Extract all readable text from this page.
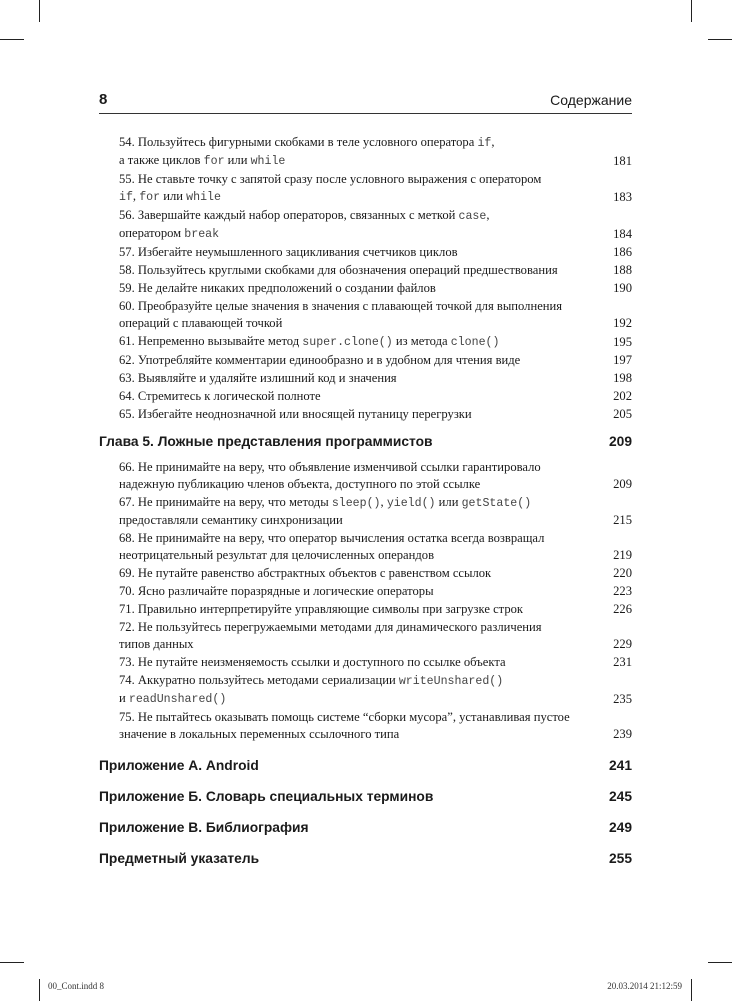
8	Содержание
54. Пользуйтесь фигурными скобками в теле условного оператора if,
а также циклов for или while	181
55. Не ставьте точку с запятой сразу после условного выражения с оператором
if, for или while	183
56. Завершайте каждый набор операторов, связанных с меткой case,
оператором break	184
57. Избегайте неумышленного зацикливания счетчиков циклов	186
58. Пользуйтесь круглыми скобками для обозначения операций предшествования	188
59. Не делайте никаких предположений о создании файлов	190
60. Преобразуйте целые значения в значения с плавающей точкой для выполнения
операций с плавающей точкой	192
61. Непременно вызывайте метод super.clone() из метода clone()	195
62. Употребляйте комментарии единообразно и в удобном для чтения виде	197
63. Выявляйте и удаляйте излишний код и значения	198
64. Стремитесь к логической полноте	202
65. Избегайте неоднозначной или вносящей путаницу перегрузки	205
Глава 5. Ложные представления программистов	209
66. Не принимайте на веру, что объявление изменчивой ссылки гарантировало
надежную публикацию членов объекта, доступного по этой ссылке	209
67. Не принимайте на веру, что методы sleep(), yield() или getState()
предоставляли семантику синхронизации	215
68. Не принимайте на веру, что оператор вычисления остатка всегда возвращал
неотрицательный результат для целочисленных операндов	219
69. Не путайте равенство абстрактных объектов с равенством ссылок	220
70. Ясно различайте поразрядные и логические операторы	223
71. Правильно интерпретируйте управляющие символы при загрузке строк	226
72. Не пользуйтесь перегружаемыми методами для динамического различения
типов данных	229
73. Не путайте неизменяемость ссылки и доступного по ссылке объекта	231
74. Аккуратно пользуйтесь методами сериализации writeUnshared()
и readUnshared()	235
75. Не пытайтесь оказывать помощь системе “сборки мусора”, устанавливая пустое
значение в локальных переменных ссылочного типа	239
Приложение А. Android	241
Приложение Б. Словарь специальных терминов	245
Приложение В. Библиография	249
Предметный указатель	255
00_Cont.indd 8	20.03.2014 21:12:59
